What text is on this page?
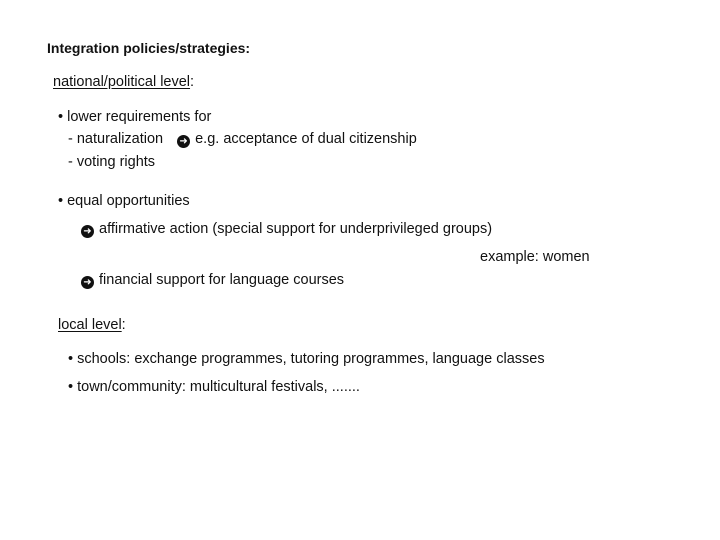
Integration policies/strategies:
national/political level:
• lower requirements for
- naturalization ➜ e.g. acceptance of dual citizenship
- voting rights
• equal opportunities
➜ affirmative action (special support for underprivileged groups)
example: women
➜ financial support for language courses
local level:
• schools: exchange programmes, tutoring programmes, language classes
• town/community: multicultural festivals, .......
